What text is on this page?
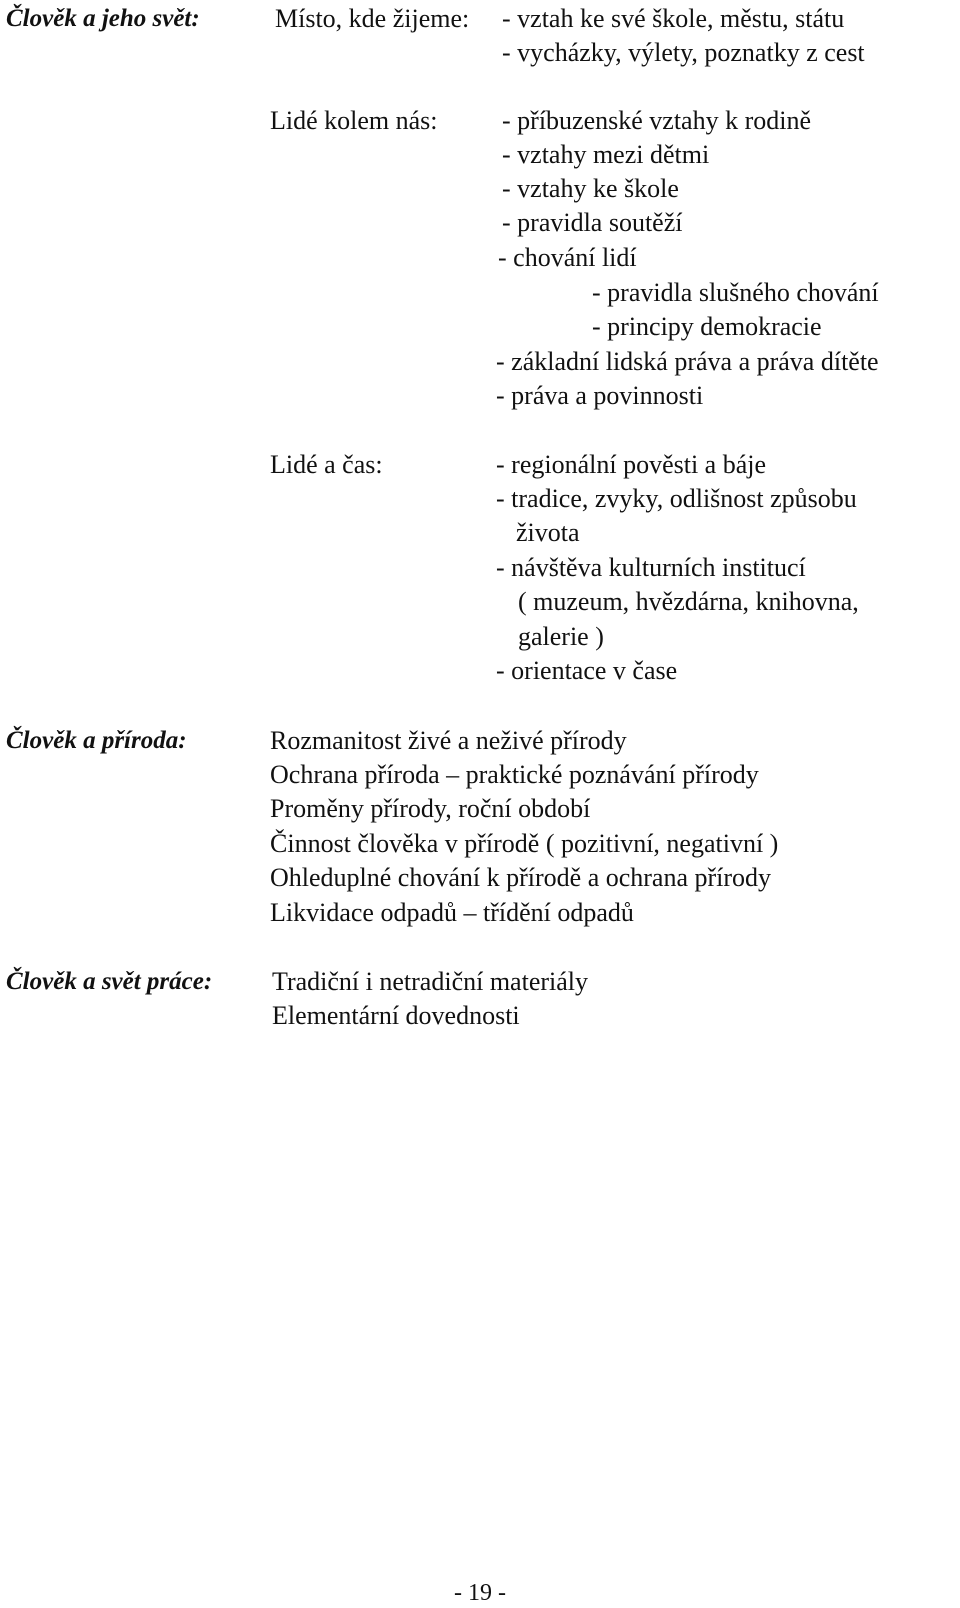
Člověk a jeho svět:	Místo, kde žijeme: - vztah ke své škole, městu, státu

- vycházky, výlety, poznatky z cest

Lidé kolem nás: - příbuzenské vztahy k rodině

- vztahy mezi dětmi

- vztahy ke škole

- pravidla soutěží

- chování lidí

- pravidla slušného chování

- principy demokracie

- základní lidská práva a práva dítěte

- práva a povinnosti

Lidé a čas:	- regionální pověsti a báje

- tradice, zvyky, odlišnost způsobu

života

- návštěva kulturních institucí

( muzeum, hvězdárna, knihovna,

galerie )

- orientace v čase

Člověk a příroda:	Rozmanitost živé a neživé přírody

Ochrana příroda – praktické poznávání přírody

Proměny přírody, roční období

Činnost člověka v přírodě ( pozitivní, negativní )

Ohleduplné chování k přírodě a ochrana přírody

Likvidace odpadů – třídění odpadů

Člověk a svět práce: Tradiční i netradiční materiály

Elementární dovednosti

- 19 -
